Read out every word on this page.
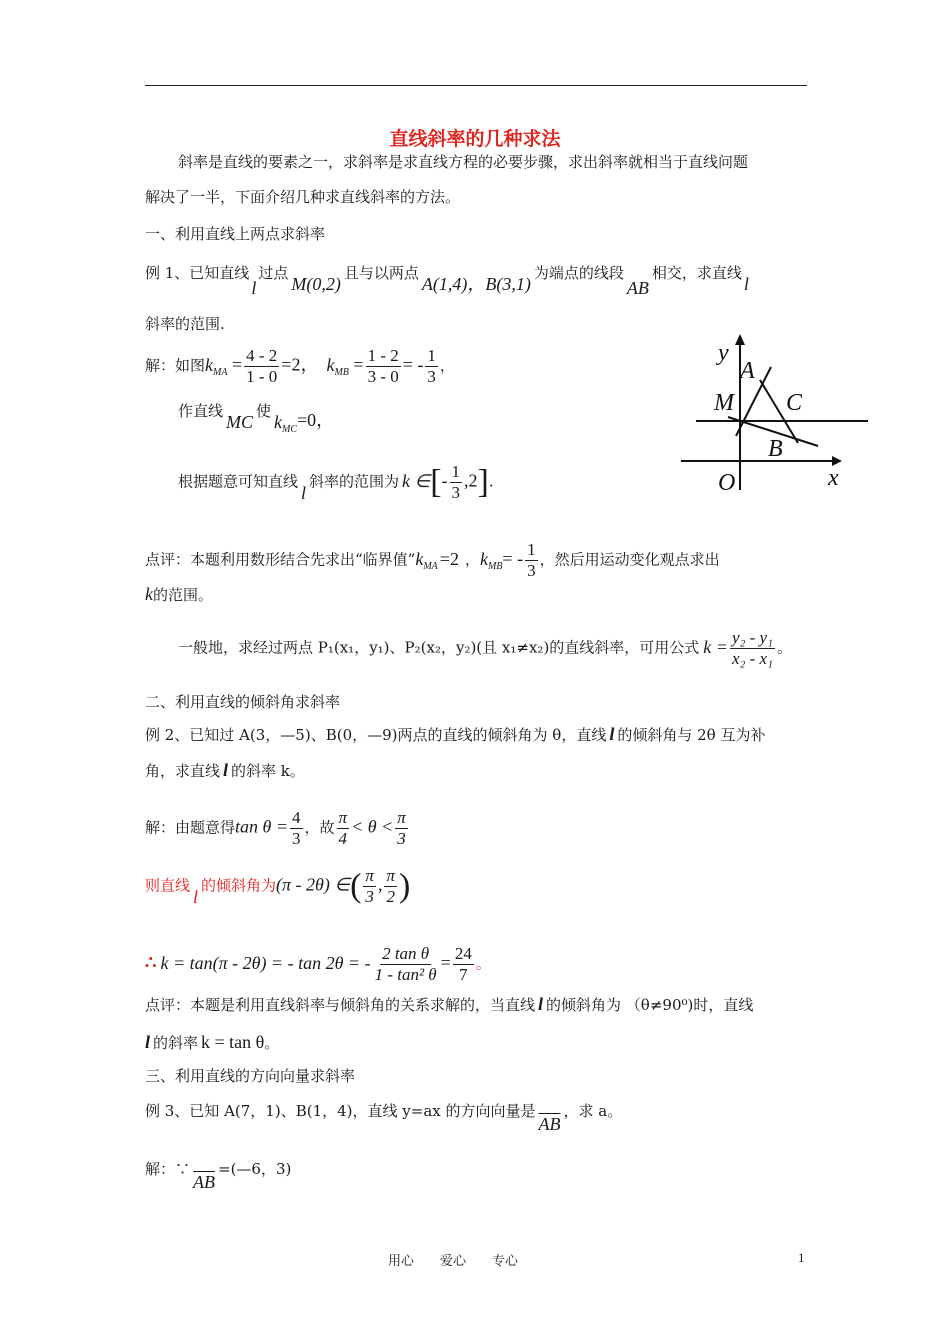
直线斜率的几种求法
斜率是直线的要素之一，求斜率是求直线方程的必要步骤，求出斜率就相当于直线问题
解决了一半，下面介绍几种求直线斜率的方法。
一、利用直线上两点求斜率
例 1、已知直线l过点M(0,2)且与以两点A(1,4)，B(3,1)为端点的线段AB相交，求直线l
斜率的范围.
解：如图$k_{MA} = \frac{4 - 2}{1 - 0} =2$， $k_{MB} = \frac{1 - 2}{3 - 0}$ = - $\frac{1}{3}$ ，
作直线MC使$k_{MC}=0$，
根据题意可知直线l斜率的范围为 k ∈[- $\frac{1}{3} ,2$].
y
A
M C
B
O	x
点评：本题利用数形结合先求出“临界值$”k_{MA} =2$ ，$k_{MB}= - \frac{1}{3}$ ，然后用运动变化观点求出
k的范围。
一般地，求经过两点 P₁(x₁，y₁)、P₂(x₂，y₂)(且 x₁≠x₂)的直线斜率，可用公式 $k = \frac{\text{y₂ - y₁}}{\text{x₂ - x₁}}$ 。
二、利用直线的倾斜角求斜率
例 2、已知过 A(3，—5)、B(0，—9)两点的直线的倾斜角为 θ，直线 l 的倾斜角与 2θ 互为补
角，求直线 l 的斜率 k。
解：由题意得$\tan \theta = \frac{4}{3}$ ，故 $\frac{\pi}{4} < \theta < \frac{\pi}{3}$
则直线l的倾斜角为(π - 2θ) ∈( $\frac{\pi}{3}$ , $\frac{\pi}{2}$ )
∴ k = tan(π - 2θ) = - tan 2θ = - $\frac{\text{2 tan θ}}{\text{1 - tan² θ}} = \frac{24}{7}$ 。
点评：本题是利用直线斜率与倾斜角的关系求解的，当直线 l 的倾斜角为 （θ≠90⁰)时，直线
l 的斜率 k = tan θ。
三、利用直线的方向向量求斜率
例 3、已知 A(7，1)、B(1，4)，直线 y=ax 的方向向量是$\overline{AB}$，求 a。
解：$\because\overline{AB}=(—6$，3)
用心　　爱心　　专心	1
